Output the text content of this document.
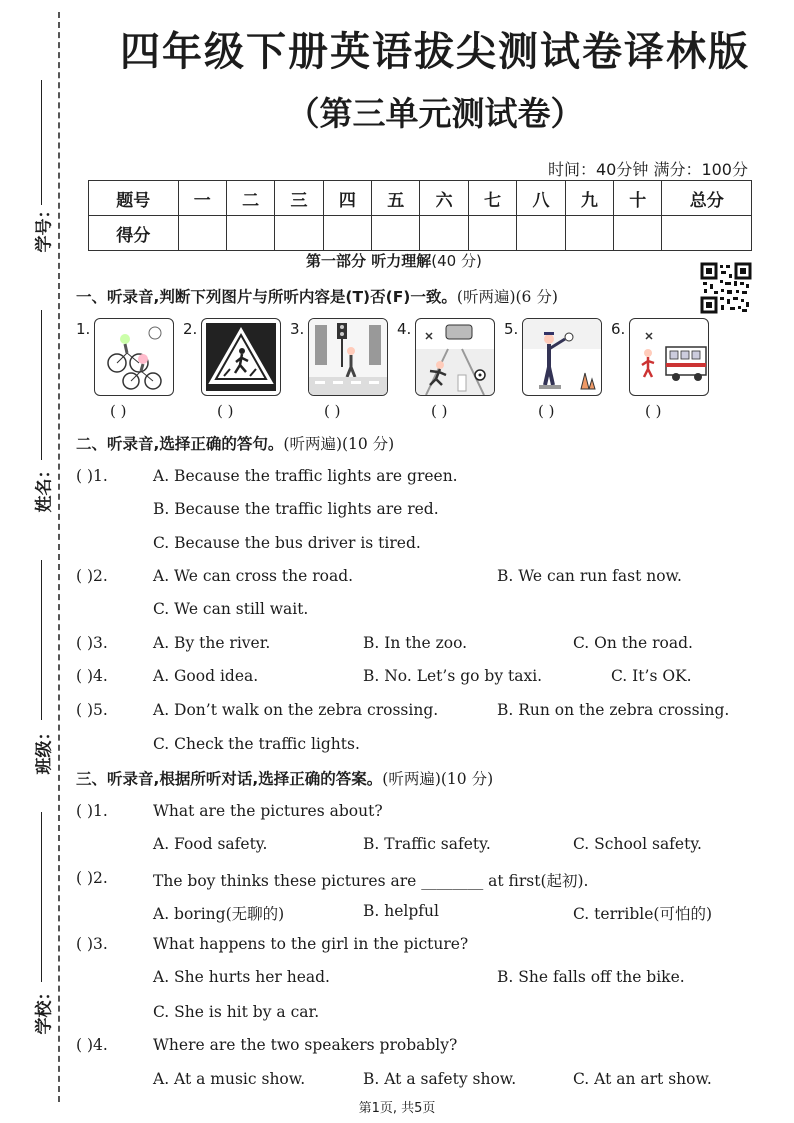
学号：
姓名：
班级：
学校：
四年级下册英语拔尖测试卷译林版
（第三单元测试卷）
时间：40分钟 满分：100分
题号	一	二	三	四	五	六	七	八	九	十	总分
得分											
第一部分 听力理解(40 分)
一、听录音,判断下列图片与所听内容是(T)否(F)一致。(听两遍)(6 分)
1.	2.	3.	4.	5.	6.
( )	( )	( )	( )	( )	( )
二、听录音,选择正确的答句。(听两遍)(10 分)
( )1.	A. Because the traffic lights are green.
B. Because the traffic lights are red.
C. Because the bus driver is tired.
( )2.	A. We can cross the road.	B. We can run fast now.
C. We can still wait.
( )3.	A. By the river.	B. In the zoo.	C. On the road.
( )4.	A. Good idea.	B. No. Let’s go by taxi.	C. It’s OK.
( )5.	A. Don’t walk on the zebra crossing.	B. Run on the zebra crossing.
C. Check the traffic lights.
三、听录音,根据所听对话,选择正确的答案。(听两遍)(10 分)
( )1.	What are the pictures about?
A. Food safety.	B. Traffic safety.	C. School safety.
( )2.	The boy thinks these pictures are ________ at first(起初).
A. boring(无聊的)	B. helpful	C. terrible(可怕的)
( )3.	What happens to the girl in the picture?
A. She hurts her head.	B. She falls off the bike.
C. She is hit by a car.
( )4.	Where are the two speakers probably?
A. At a music show.	B. At a safety show.	C. At an art show.
第1页, 共5页
